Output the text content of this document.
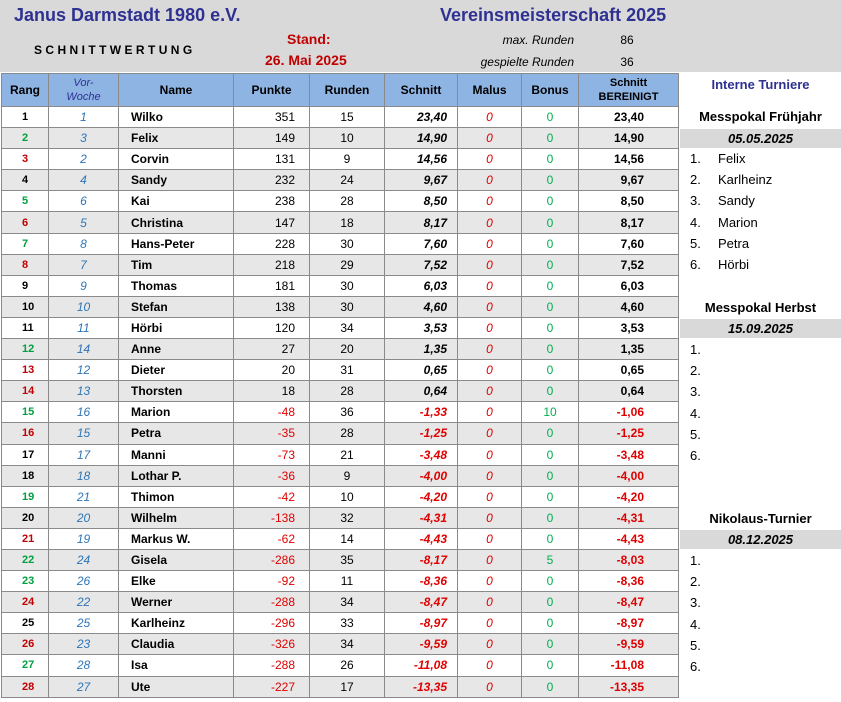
Janus Darmstadt 1980 e.V.	Vereinsmeisterschaft 2025
SCHNITTWERTUNG
Stand:
26. Mai 2025
max. Runden	86
gespielte Runden	36
Rang	Vor-Woche	Name	Punkte	Runden	Schnitt	Malus	Bonus	Schnitt
BEREINIGT

1	1	Wilko	351	15	23,40	0	0	23,40
2	3	Felix	149	10	14,90	0	0	14,90
3	2	Corvin	131	9	14,56	0	0	14,56
4	4	Sandy	232	24	9,67	0	0	9,67
5	6	Kai	238	28	8,50	0	0	8,50
6	5	Christina	147	18	8,17	0	0	8,17
7	8	Hans-Peter	228	30	7,60	0	0	7,60
8	7	Tim	218	29	7,52	0	0	7,52
9	9	Thomas	181	30	6,03	0	0	6,03
10	10	Stefan	138	30	4,60	0	0	4,60
11	11	Hörbi	120	34	3,53	0	0	3,53
12	14	Anne	27	20	1,35	0	0	1,35
13	12	Dieter	20	31	0,65	0	0	0,65
14	13	Thorsten	18	28	0,64	0	0	0,64
15	16	Marion	-48	36	-1,33	0	10	-1,06
16	15	Petra	-35	28	-1,25	0	0	-1,25
17	17	Manni	-73	21	-3,48	0	0	-3,48
18	18	Lothar P.	-36	9	-4,00	0	0	-4,00
19	21	Thimon	-42	10	-4,20	0	0	-4,20
20	20	Wilhelm	-138	32	-4,31	0	0	-4,31
21	19	Markus W.	-62	14	-4,43	0	0	-4,43
22	24	Gisela	-286	35	-8,17	0	5	-8,03
23	26	Elke	-92	11	-8,36	0	0	-8,36
24	22	Werner	-288	34	-8,47	0	0	-8,47
25	25	Karlheinz	-296	33	-8,97	0	0	-8,97
26	23	Claudia	-326	34	-9,59	0	0	-9,59
27	28	Isa	-288	26	-11,08	0	0	-11,08
28	27	Ute	-227	17	-13,35	0	0	-13,35
Interne Turniere
Messpokal Frühjahr
05.05.2025
1. Felix
2. Karlheinz
3. Sandy
4. Marion
5. Petra
6. Hörbi
Messpokal Herbst
15.09.2025
1.
2.
3.
4.
5.
6.
Nikolaus-Turnier
08.12.2025
1.
2.
3.
4.
5.
6.
